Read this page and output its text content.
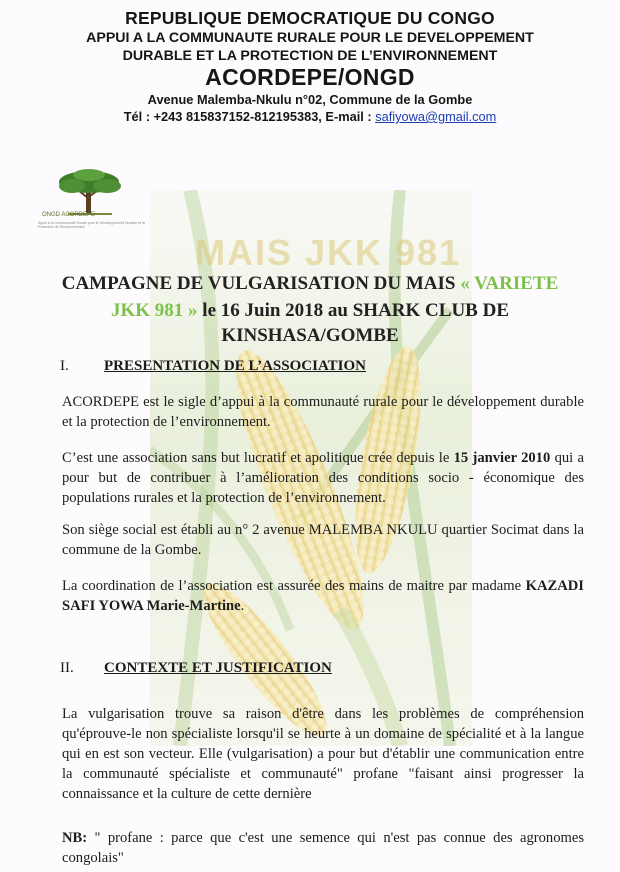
REPUBLIQUE DEMOCRATIQUE DU CONGO
APPUI A LA COMMUNAUTE RURALE POUR LE DEVELOPPEMENT
DURABLE ET LA PROTECTION DE L’ENVIRONNEMENT
ACORDEPE/ONGD
Avenue Malemba-Nkulu n°02, Commune de la Gombe
Tél : +243 815837152-812195383, E-mail : safiyowa@gmail.com
MAIS JKK 981
ONGD ACORDEPE
Appui à la Communauté Rurale pour le Développement Durable et la Protection de l'Environnement
CAMPAGNE DE VULGARISATION DU MAIS « VARIETE
JKK 981 » le 16 Juin 2018 au SHARK CLUB DE
KINSHASA/GOMBE
I. PRESENTATION DE L’ASSOCIATION
ACORDEPE est le sigle d’appui à la communauté rurale pour le développement durable et la protection de l’environnement.
C’est une association sans but lucratif et apolitique crée depuis le 15 janvier 2010 qui a pour but de contribuer à l’amélioration des conditions socio - économique des populations rurales et la protection de l’environnement.
Son siège social est établi au n° 2 avenue MALEMBA NKULU quartier Socimat dans la commune de la Gombe.
La coordination de l’association est assurée des mains de maitre par madame KAZADI SAFI YOWA Marie-Martine.
II. CONTEXTE ET JUSTIFICATION
La vulgarisation trouve sa raison d'être dans les problèmes de compréhension qu'éprouve-le non spécialiste lorsqu'il se heurte à un domaine de spécialité et à la langue qui en est son vecteur. Elle (vulgarisation) a pour but d'établir une communication entre la communauté spécialiste et communauté" profane "faisant ainsi progresser la connaissance et la culture de cette dernière
NB: " profane : parce que c'est une semence qui n'est pas connue des agronomes congolais"
